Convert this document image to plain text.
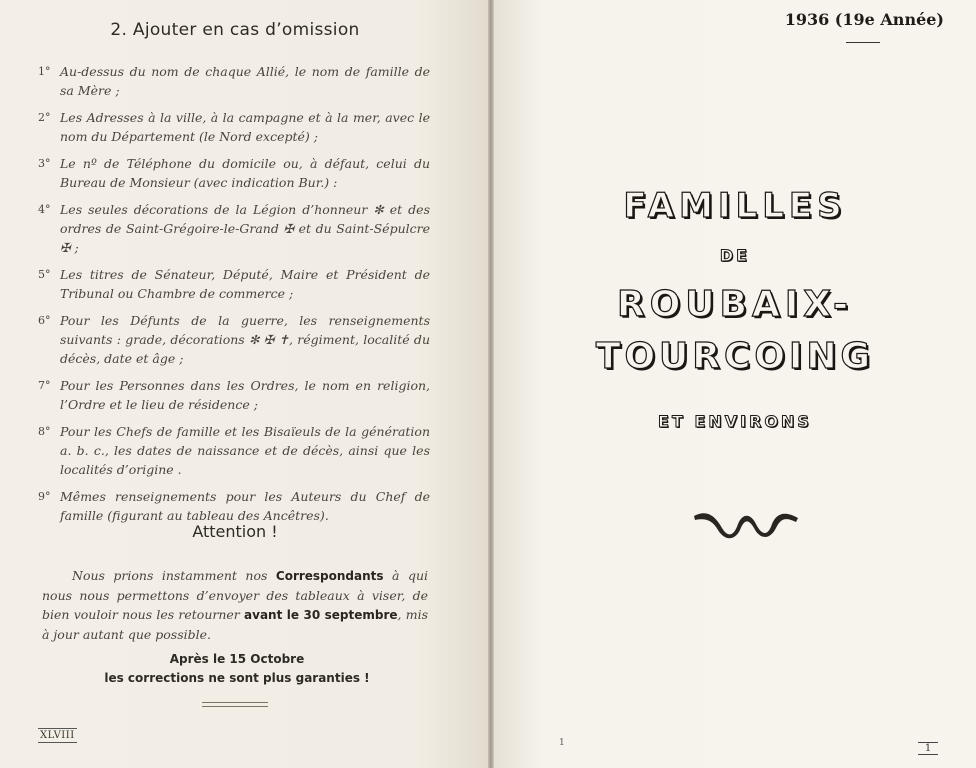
2. Ajouter en cas d’omission
1° Au-dessus du nom de chaque Allié, le nom de famille de sa Mère ;
2° Les Adresses à la ville, à la campagne et à la mer, avec le nom du Département (le Nord excepté) ;
3° Le nº de Téléphone du domicile ou, à défaut, celui du Bureau de Monsieur (avec indication Bur.) :
4° Les seules décorations de la Légion d’honneur ✻ et des ordres de Saint-Grégoire-le-Grand ✠ et du Saint-Sépulcre ✠ ;
5° Les titres de Sénateur, Député, Maire et Président de Tribunal ou Chambre de commerce ;
6° Pour les Défunts de la guerre, les renseignements suivants : grade, décorations ✻ ✠ ✝, régiment, localité du décès, date et âge ;
7° Pour les Personnes dans les Ordres, le nom en religion, l’Ordre et le lieu de résidence ;
8° Pour les Chefs de famille et les Bisaïeuls de la génération a. b. c., les dates de naissance et de décès, ainsi que les localités d’origine .
9° Mêmes renseignements pour les Auteurs du Chef de famille (figurant au tableau des Ancêtres).
Attention !
Nous prions instamment nos Correspondants à qui nous nous permettons d’envoyer des tableaux à viser, de bien vouloir nous les retourner avant le 30 septembre, mis à jour autant que possible.
Après le 15 Octobre
les corrections ne sont plus garanties !
XLVIII
1936 (19e Année)
FAMILLES
DE
ROUBAIX-
TOURCOING
ET ENVIRONS
1	1
